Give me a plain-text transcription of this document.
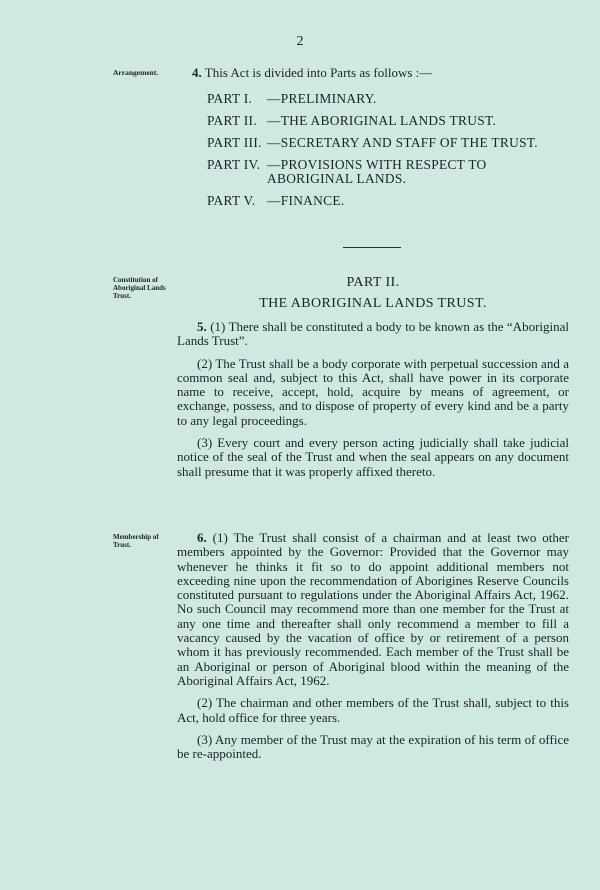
2
Arrangement.
Constitution of Aboriginal Lands Trust.
Membership of Trust.
4. This Act is divided into Parts as follows :—
PART I.	—PRELIMINARY.
PART II. —THE ABORIGINAL LANDS TRUST.
PART III. —SECRETARY AND STAFF OF THE TRUST.
PART IV. —PROVISIONS WITH RESPECT TO ABORIGINAL LANDS.
PART V. —FINANCE.
PART II.
THE ABORIGINAL LANDS TRUST.

5. (1) There shall be constituted a body to be known as the “Aboriginal Lands Trust”.

(2) The Trust shall be a body corporate with perpetual succession and a common seal and, subject to this Act, shall have power in its corporate name to receive, accept, hold, acquire by means of agreement, or exchange, possess, and to dispose of property of every kind and be a party to any legal proceedings.

(3) Every court and every person acting judicially shall take judicial notice of the seal of the Trust and when the seal appears on any document shall presume that it was properly affixed thereto.

6. (1) The Trust shall consist of a chairman and at least two other members appointed by the Governor: Provided that the Governor may whenever he thinks it fit so to do appoint additional members not exceeding nine upon the recommendation of Aborigines Reserve Councils constituted pursuant to regulations under the Aboriginal Affairs Act, 1962. No such Council may recommend more than one member for the Trust at any one time and thereafter shall only recommend a member to fill a vacancy caused by the vacation of office by or retirement of a person whom it has previously recommended. Each member of the Trust shall be an Aboriginal or person of Aboriginal blood within the meaning of the Aboriginal Affairs Act, 1962.

(2) The chairman and other members of the Trust shall, subject to this Act, hold office for three years.

(3) Any member of the Trust may at the expiration of his term of office be re-appointed.
